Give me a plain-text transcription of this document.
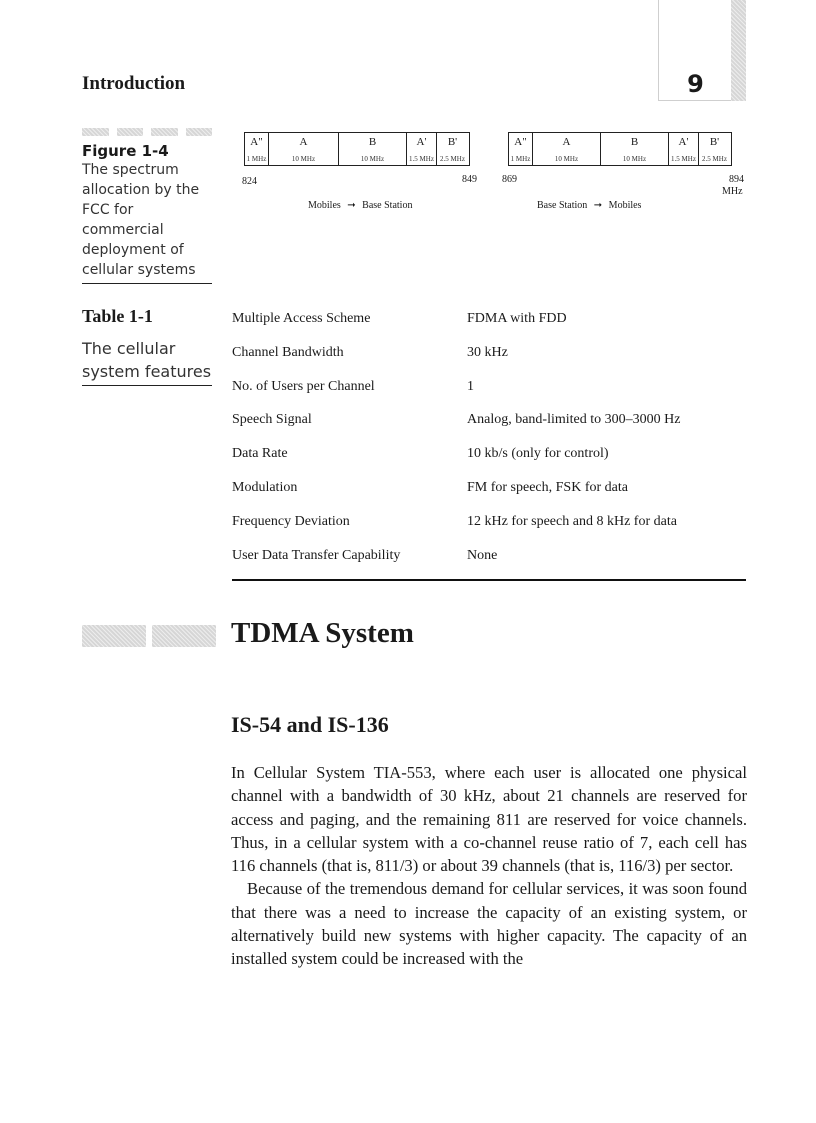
9
Introduction
Figure 1-4
The spectrum allocation by the FCC for commercial deployment of cellular systems
A"
1 MHz
A
10 MHz
B
10 MHz
A'
1.5 MHz
B'
2.5 MHz
A"
1 MHz
A
10 MHz
B
10 MHz
A'
1.5 MHz
B'
2.5 MHz
824	849	869	894
MHz
Mobiles ➞ Base Station	Base Station ➞ Mobiles
Table 1-1
The cellular system features
Multiple Access Scheme	FDMA with FDD
Channel Bandwidth	30 kHz
No. of Users per Channel	1
Speech Signal	Analog, band-limited to 300–3000 Hz
Data Rate	10 kb/s (only for control)
Modulation	FM for speech, FSK for data
Frequency Deviation	12 kHz for speech and 8 kHz for data
User Data Transfer Capability	None
TDMA System
IS-54 and IS-136

In Cellular System TIA-553, where each user is allocated one physical channel with a bandwidth of 30 kHz, about 21 channels are reserved for access and paging, and the remaining 811 are reserved for voice channels. Thus, in a cellular system with a co-channel reuse ratio of 7, each cell has 116 channels (that is, 811/3) or about 39 channels (that is, 116/3) per sector.

Because of the tremendous demand for cellular services, it was soon found that there was a need to increase the capacity of an existing system, or alternatively build new systems with higher capacity. The capacity of an installed system could be increased with the
